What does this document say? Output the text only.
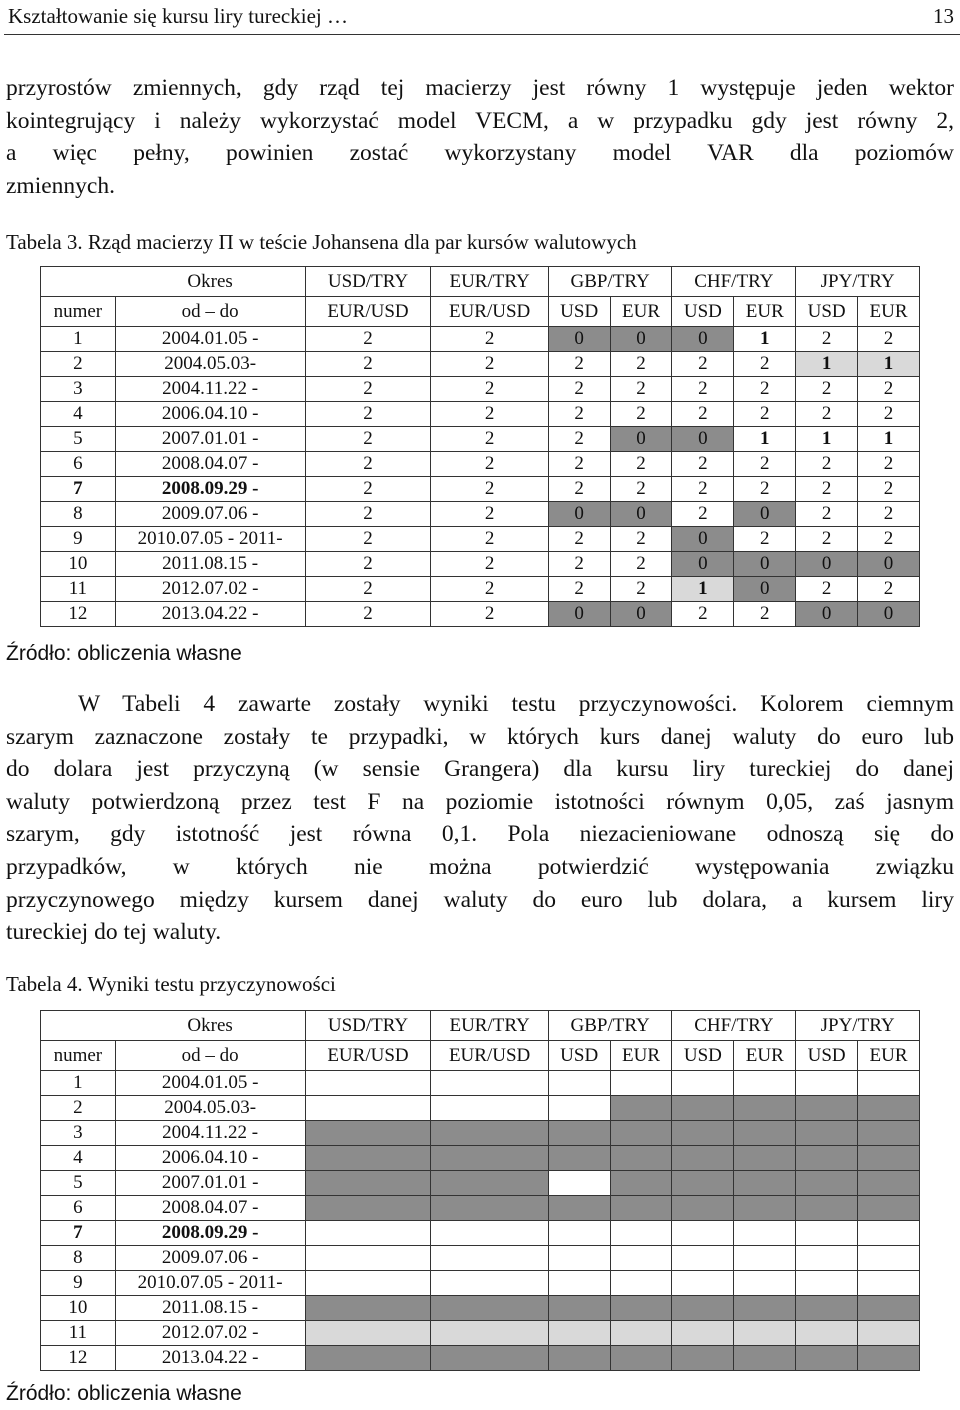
Kształtowanie się kursu liry tureckiej …	13
przyrostów zmiennych, gdy rząd tej macierzy jest równy 1 występuje jeden wektor
kointegrujący i należy wykorzystać model VECM, a w przypadku gdy jest równy 2,
a więc pełny, powinien zostać wykorzystany model VAR dla poziomów
zmiennych.
Tabela 3. Rząd macierzy Π w teście Johansena dla par kursów walutowych
	Okres	USD/TRY	EUR/TRY	GBP/TRY		CHF/TRY		JPY/TRY	
numer	od – do	EUR/USD	EUR/USD	USD	EUR	USD	EUR	USD	EUR
1	2004.01.05 -	2	2	0	0	0	1	2	2
2	2004.05.03-	2	2	2	2	2	2	1	1
3	2004.11.22 -	2	2	2	2	2	2	2	2
4	2006.04.10 -	2	2	2	2	2	2	2	2
5	2007.01.01 -	2	2	2	0	0	1	1	1
6	2008.04.07 -	2	2	2	2	2	2	2	2
7	2008.09.29 -	2	2	2	2	2	2	2	2
8	2009.07.06 -	2	2	0	0	2	0	2	2
9	2010.07.05 - 2011-	2	2	2	2	0	2	2	2
10	2011.08.15 -	2	2	2	2	0	0	0	0
11	2012.07.02 -	2	2	2	2	1	0	2	2
12	2013.04.22 -	2	2	0	0	2	2	0	0
Źródło: obliczenia własne
W Tabeli 4 zawarte zostały wyniki testu przyczynowości. Kolorem ciemnym
szarym zaznaczone zostały te przypadki, w których kurs danej waluty do euro lub
do dolara jest przyczyną (w sensie Grangera) dla kursu liry tureckiej do danej
waluty potwierdzoną przez test F na poziomie istotności równym 0,05, zaś jasnym
szarym, gdy istotność jest równa 0,1. Pola niezacieniowane odnoszą się do
przypadków, w których nie można potwierdzić występowania związku
przyczynowego między kursem danej waluty do euro lub dolara, a kursem liry
tureckiej do tej waluty.
Tabela 4. Wyniki testu przyczynowości
	Okres	USD/TRY	EUR/TRY	GBP/TRY		CHF/TRY		JPY/TRY	
numer	od – do	EUR/USD	EUR/USD	USD	EUR	USD	EUR	USD	EUR
1	2004.01.05 -								
2	2004.05.03-								
3	2004.11.22 -								
4	2006.04.10 -								
5	2007.01.01 -								
6	2008.04.07 -								
7	2008.09.29 -								
8	2009.07.06 -								
9	2010.07.05 - 2011-								
10	2011.08.15 -								
11	2012.07.02 -								
12	2013.04.22 -								
Źródło: obliczenia własne
